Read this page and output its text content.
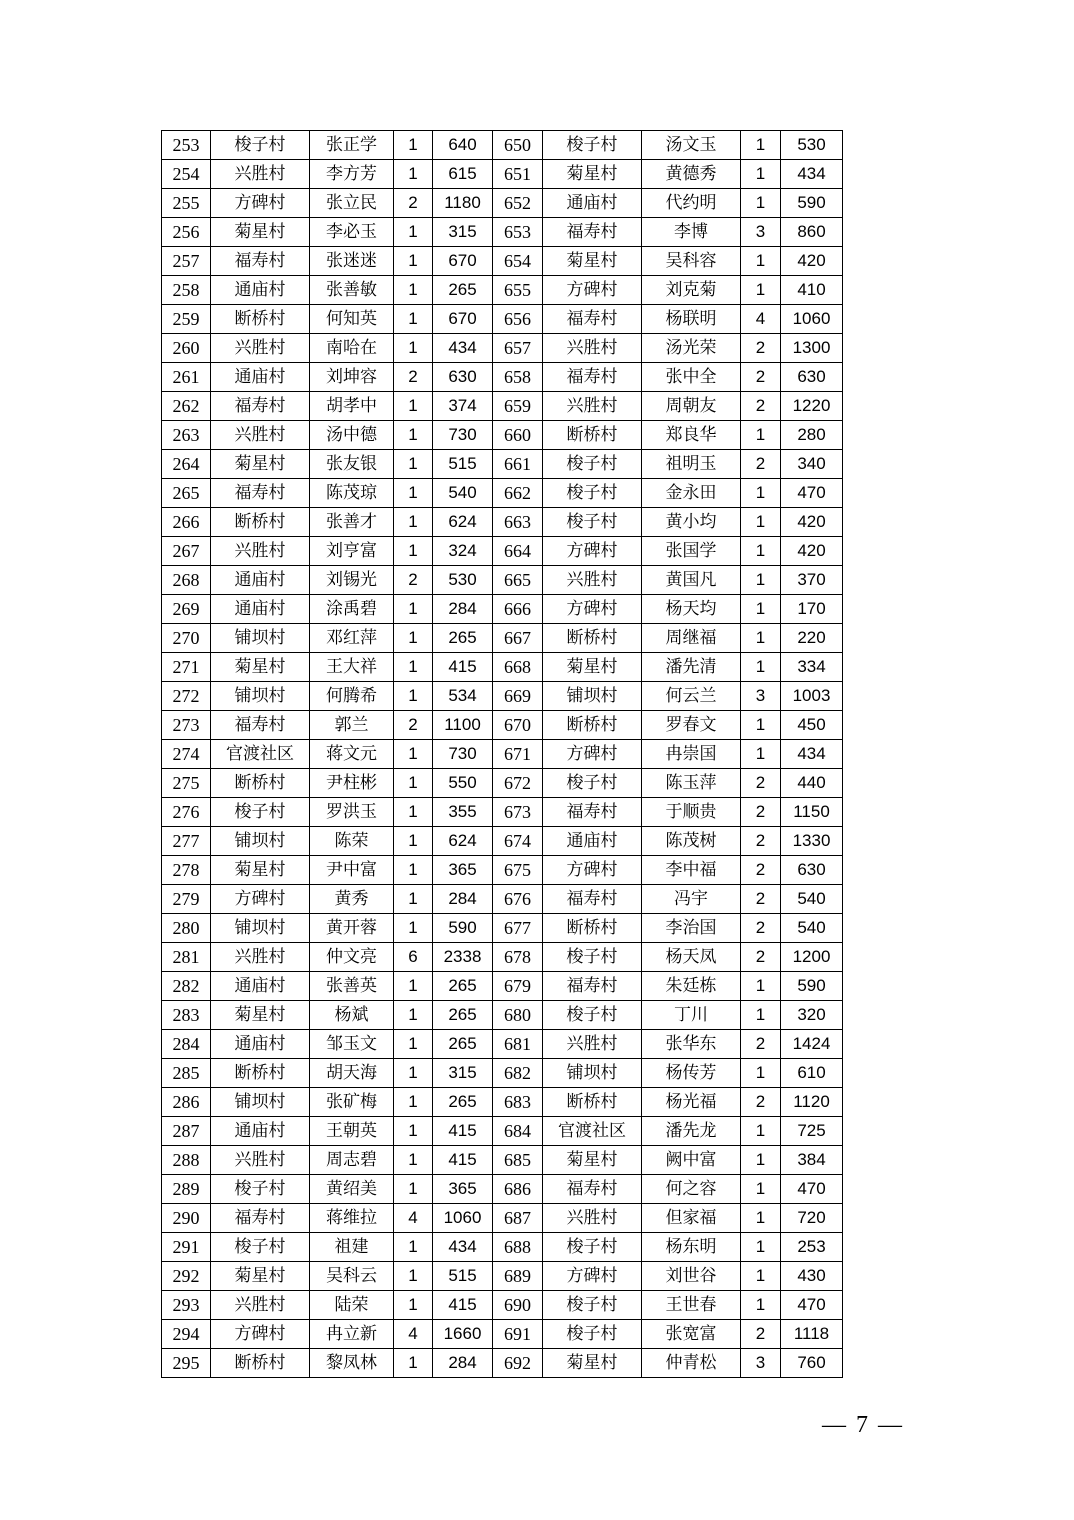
253	梭子村	张正学	1	640	650	梭子村	汤文玉	1	530
254	兴胜村	李方芳	1	615	651	菊星村	黄德秀	1	434
255	方碑村	张立民	2	1180	652	通庙村	代约明	1	590
256	菊星村	李必玉	1	315	653	福寿村	李博	3	860
257	福寿村	张迷迷	1	670	654	菊星村	吴科容	1	420
258	通庙村	张善敏	1	265	655	方碑村	刘克菊	1	410
259	断桥村	何知英	1	670	656	福寿村	杨联明	4	1060
260	兴胜村	南哈在	1	434	657	兴胜村	汤光荣	2	1300
261	通庙村	刘坤容	2	630	658	福寿村	张中全	2	630
262	福寿村	胡孝中	1	374	659	兴胜村	周朝友	2	1220
263	兴胜村	汤中德	1	730	660	断桥村	郑良华	1	280
264	菊星村	张友银	1	515	661	梭子村	祖明玉	2	340
265	福寿村	陈茂琼	1	540	662	梭子村	金永田	1	470
266	断桥村	张善才	1	624	663	梭子村	黄小均	1	420
267	兴胜村	刘亨富	1	324	664	方碑村	张国学	1	420
268	通庙村	刘锡光	2	530	665	兴胜村	黄国凡	1	370
269	通庙村	涂禹碧	1	284	666	方碑村	杨天均	1	170
270	铺坝村	邓红萍	1	265	667	断桥村	周继福	1	220
271	菊星村	王大祥	1	415	668	菊星村	潘先清	1	334
272	铺坝村	何腾希	1	534	669	铺坝村	何云兰	3	1003
273	福寿村	郭兰	2	1100	670	断桥村	罗春文	1	450
274	官渡社区	蒋文元	1	730	671	方碑村	冉崇国	1	434
275	断桥村	尹柱彬	1	550	672	梭子村	陈玉萍	2	440
276	梭子村	罗洪玉	1	355	673	福寿村	于顺贵	2	1150
277	铺坝村	陈荣	1	624	674	通庙村	陈茂树	2	1330
278	菊星村	尹中富	1	365	675	方碑村	李中福	2	630
279	方碑村	黄秀	1	284	676	福寿村	冯宇	2	540
280	铺坝村	黄开蓉	1	590	677	断桥村	李治国	2	540
281	兴胜村	仲文亮	6	2338	678	梭子村	杨天凤	2	1200
282	通庙村	张善英	1	265	679	福寿村	朱廷栋	1	590
283	菊星村	杨斌	1	265	680	梭子村	丁川	1	320
284	通庙村	邹玉文	1	265	681	兴胜村	张华东	2	1424
285	断桥村	胡天海	1	315	682	铺坝村	杨传芳	1	610
286	铺坝村	张矿梅	1	265	683	断桥村	杨光福	2	1120
287	通庙村	王朝英	1	415	684	官渡社区	潘先龙	1	725
288	兴胜村	周志碧	1	415	685	菊星村	阙中富	1	384
289	梭子村	黄绍美	1	365	686	福寿村	何之容	1	470
290	福寿村	蒋维拉	4	1060	687	兴胜村	但家福	1	720
291	梭子村	祖建	1	434	688	梭子村	杨东明	1	253
292	菊星村	吴科云	1	515	689	方碑村	刘世谷	1	430
293	兴胜村	陆荣	1	415	690	梭子村	王世春	1	470
294	方碑村	冉立新	4	1660	691	梭子村	张宽富	2	1118
295	断桥村	黎凤林	1	284	692	菊星村	仲青松	3	760
— 7 —
